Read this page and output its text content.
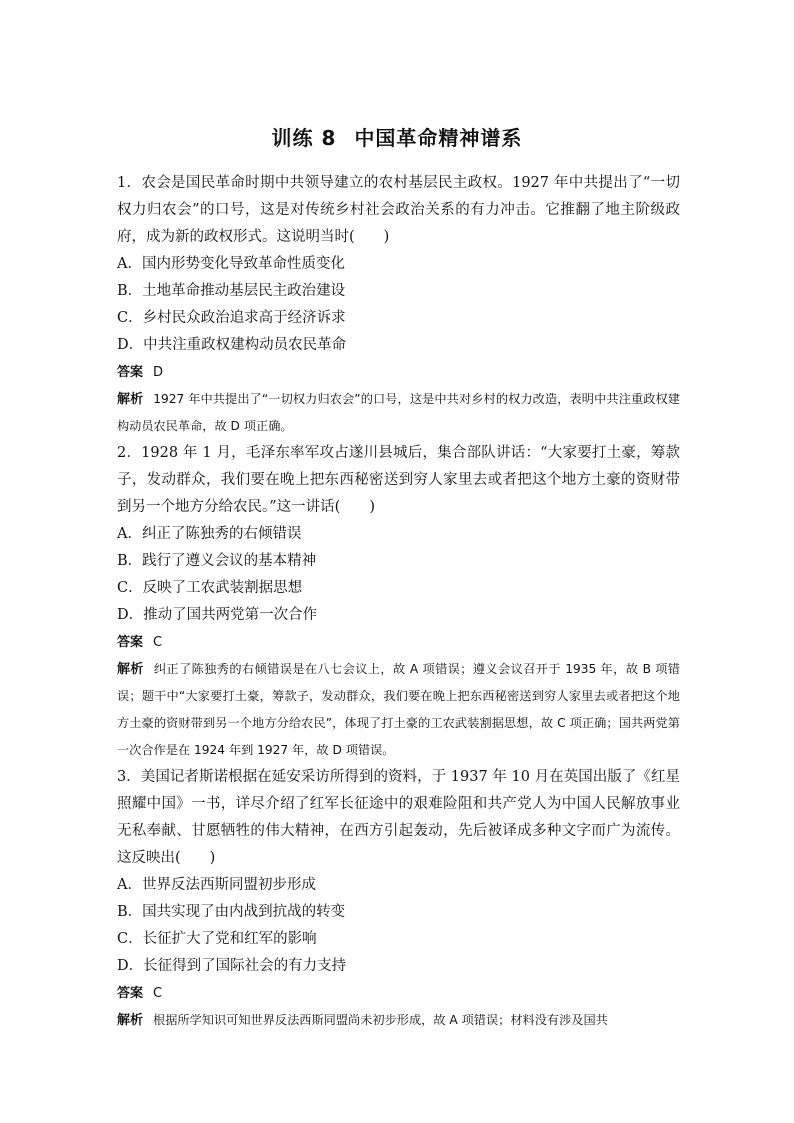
训练 8 中国革命精神谱系
1．农会是国民革命时期中共领导建立的农村基层民主政权。1927 年中共提出了“一切权力归农会”的口号，这是对传统乡村社会政治关系的有力冲击。它推翻了地主阶级政府，成为新的政权形式。这说明当时(　　)
A．国内形势变化导致革命性质变化
B．土地革命推动基层民主政治建设
C．乡村民众政治追求高于经济诉求
D．中共注重政权建构动员农民革命
答案 D
解析 1927 年中共提出了“一切权力归农会”的口号，这是中共对乡村的权力改造，表明中共注重政权建构动员农民革命，故 D 项正确。
2．1928 年 1 月，毛泽东率军攻占遂川县城后，集合部队讲话：“大家要打土豪，筹款子，发动群众，我们要在晚上把东西秘密送到穷人家里去或者把这个地方土豪的资财带到另一个地方分给农民。”这一讲话(　　)
A．纠正了陈独秀的右倾错误
B．践行了遵义会议的基本精神
C．反映了工农武装割据思想
D．推动了国共两党第一次合作
答案 C
解析 纠正了陈独秀的右倾错误是在八七会议上，故 A 项错误；遵义会议召开于 1935 年，故 B 项错误；题干中“大家要打土豪，筹款子，发动群众，我们要在晚上把东西秘密送到穷人家里去或者把这个地方土豪的资财带到另一个地方分给农民”，体现了打土豪的工农武装割据思想，故 C 项正确；国共两党第一次合作是在 1924 年到 1927 年，故 D 项错误。
3．美国记者斯诺根据在延安采访所得到的资料，于 1937 年 10 月在英国出版了《红星照耀中国》一书，详尽介绍了红军长征途中的艰难险阻和共产党人为中国人民解放事业无私奉献、甘愿牺牲的伟大精神，在西方引起轰动，先后被译成多种文字而广为流传。这反映出(　　)
A．世界反法西斯同盟初步形成
B．国共实现了由内战到抗战的转变
C．长征扩大了党和红军的影响
D．长征得到了国际社会的有力支持
答案 C
解析 根据所学知识可知世界反法西斯同盟尚未初步形成，故 A 项错误；材料没有涉及国共
